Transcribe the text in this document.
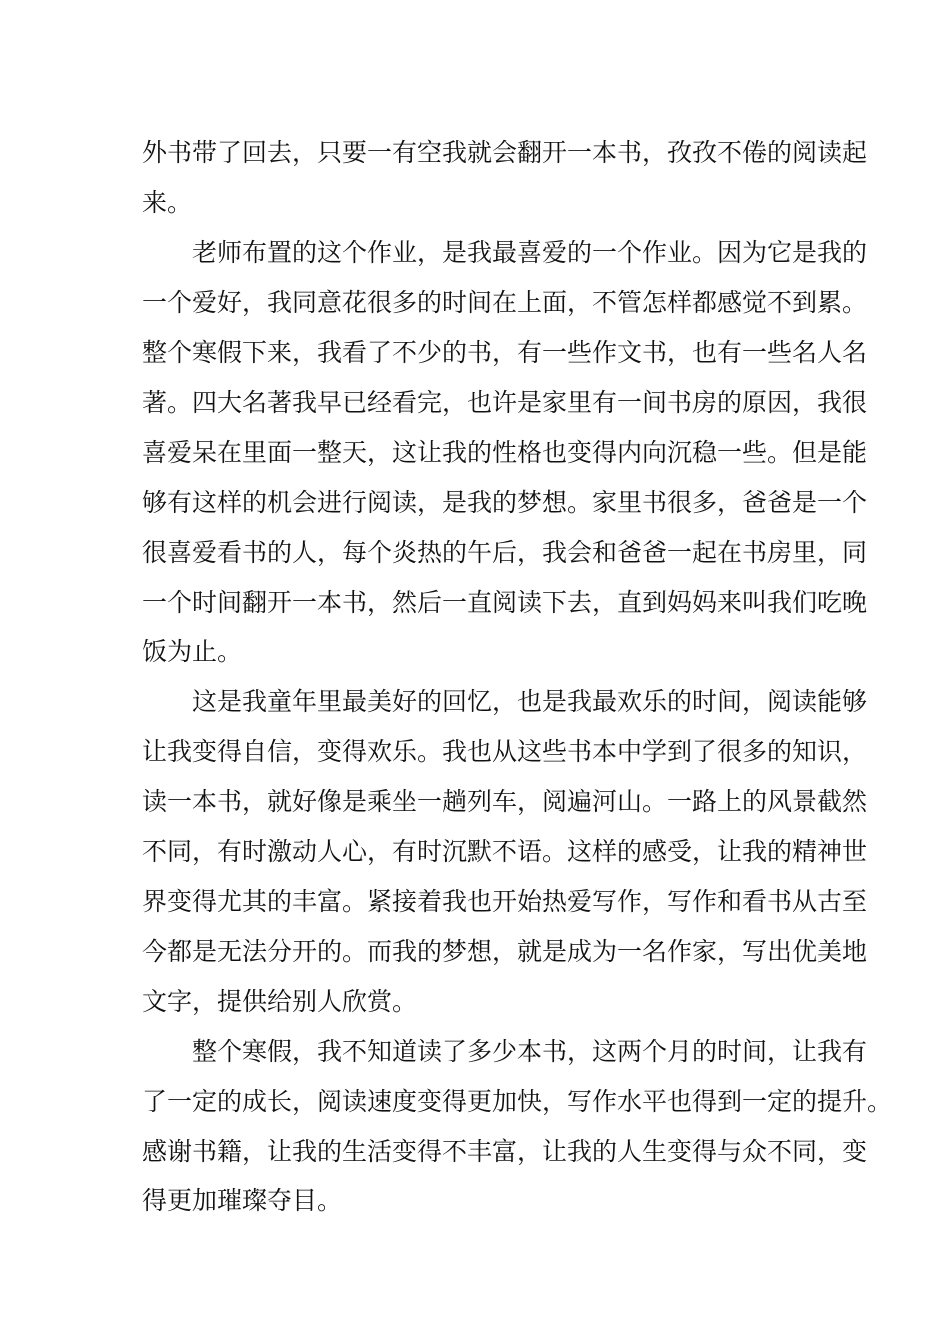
外书带了回去，只要一有空我就会翻开一本书，孜孜不倦的阅读起
来。
老师布置的这个作业，是我最喜爱的一个作业。因为它是我的
一个爱好，我同意花很多的时间在上面，不管怎样都感觉不到累。
整个寒假下来，我看了不少的书，有一些作文书，也有一些名人名
著。四大名著我早已经看完，也许是家里有一间书房的原因，我很
喜爱呆在里面一整天，这让我的性格也变得内向沉稳一些。但是能
够有这样的机会进行阅读，是我的梦想。家里书很多，爸爸是一个
很喜爱看书的人，每个炎热的午后，我会和爸爸一起在书房里，同
一个时间翻开一本书，然后一直阅读下去，直到妈妈来叫我们吃晚
饭为止。
这是我童年里最美好的回忆，也是我最欢乐的时间，阅读能够
让我变得自信，变得欢乐。我也从这些书本中学到了很多的知识，
读一本书，就好像是乘坐一趟列车，阅遍河山。一路上的风景截然
不同，有时激动人心，有时沉默不语。这样的感受，让我的精神世
界变得尤其的丰富。紧接着我也开始热爱写作，写作和看书从古至
今都是无法分开的。而我的梦想，就是成为一名作家，写出优美地
文字，提供给别人欣赏。
整个寒假，我不知道读了多少本书，这两个月的时间，让我有
了一定的成长，阅读速度变得更加快，写作水平也得到一定的提升。
感谢书籍，让我的生活变得不丰富，让我的人生变得与众不同，变
得更加璀璨夺目。
